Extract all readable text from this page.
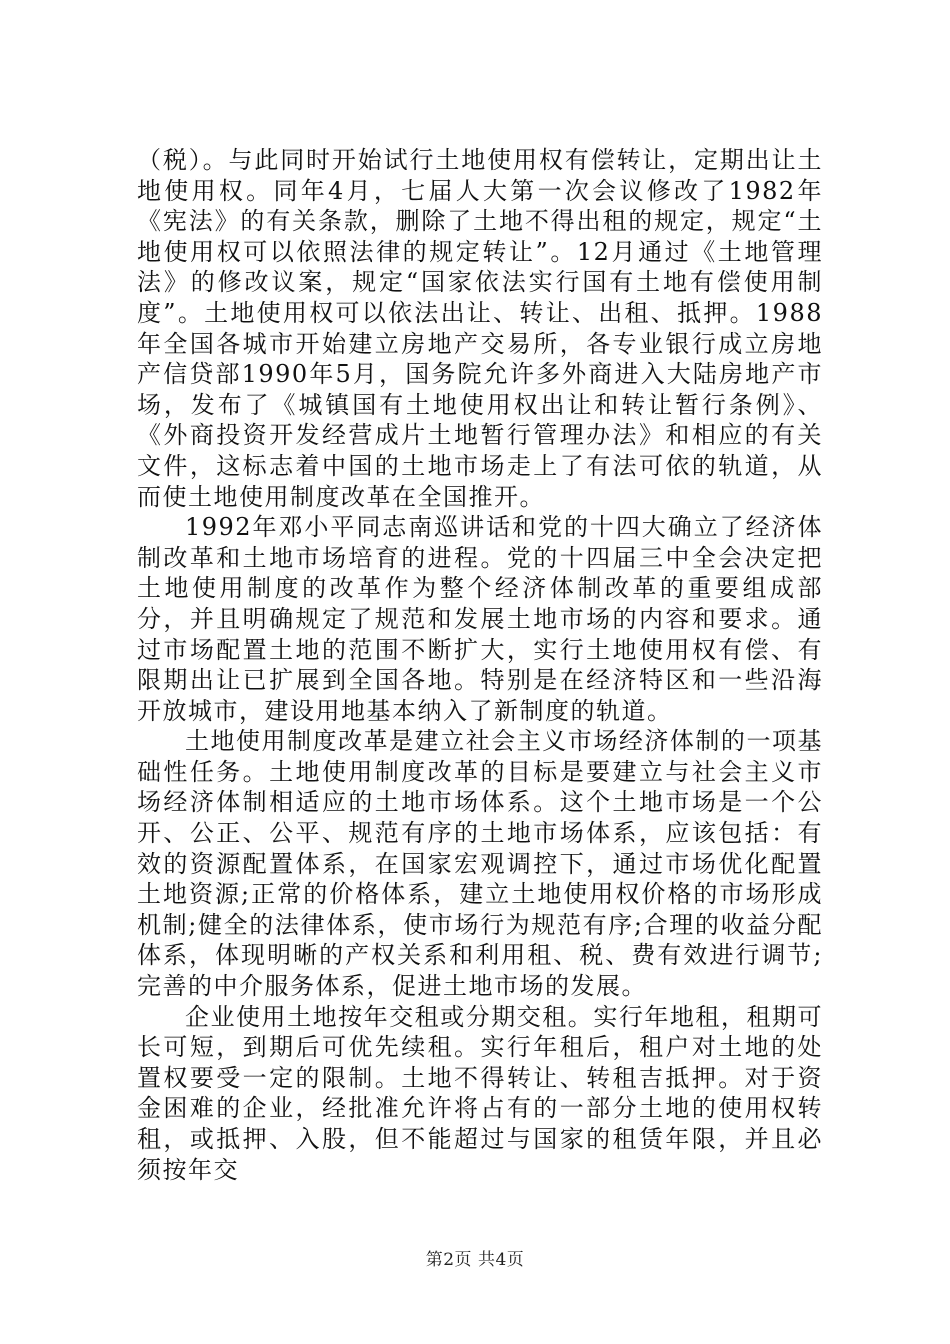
（税）。与此同时开始试行土地使用权有偿转让，定期出让土地使用权。同年4月，七届人大第一次会议修改了1982年《宪法》的有关条款，删除了土地不得出租的规定，规定“土地使用权可以依照法律的规定转让”。12月通过《土地管理法》的修改议案，规定“国家依法实行国有土地有偿使用制度”。土地使用权可以依法出让、转让、出租、抵押。1988年全国各城市开始建立房地产交易所，各专业银行成立房地产信贷部1990年5月，国务院允许多外商进入大陆房地产市场，发布了《城镇国有土地使用权出让和转让暂行条例》、《外商投资开发经营成片土地暂行管理办法》和相应的有关文件，这标志着中国的土地市场走上了有法可依的轨道，从而使土地使用制度改革在全国推开。

1992年邓小平同志南巡讲话和党的十四大确立了经济体制改革和土地市场培育的进程。党的十四届三中全会决定把土地使用制度的改革作为整个经济体制改革的重要组成部分，并且明确规定了规范和发展土地市场的内容和要求。通过市场配置土地的范围不断扩大，实行土地使用权有偿、有限期出让已扩展到全国各地。特别是在经济特区和一些沿海开放城市，建设用地基本纳入了新制度的轨道。

土地使用制度改革是建立社会主义市场经济体制的一项基础性任务。土地使用制度改革的目标是要建立与社会主义市场经济体制相适应的土地市场体系。这个土地市场是一个公开、公正、公平、规范有序的土地市场体系，应该包括：有效的资源配置体系，在国家宏观调控下，通过市场优化配置土地资源;正常的价格体系，建立土地使用权价格的市场形成机制;健全的法律体系，使市场行为规范有序;合理的收益分配体系，体现明晰的产权关系和利用租、税、费有效进行调节;完善的中介服务体系，促进土地市场的发展。

企业使用土地按年交租或分期交租。实行年地租，租期可长可短，到期后可优先续租。实行年租后，租户对土地的处置权要受一定的限制。土地不得转让、转租吉抵押。对于资金困难的企业，经批准允许将占有的一部分土地的使用权转租，或抵押、入股，但不能超过与国家的租赁年限，并且必须按年交

第2页 共4页
